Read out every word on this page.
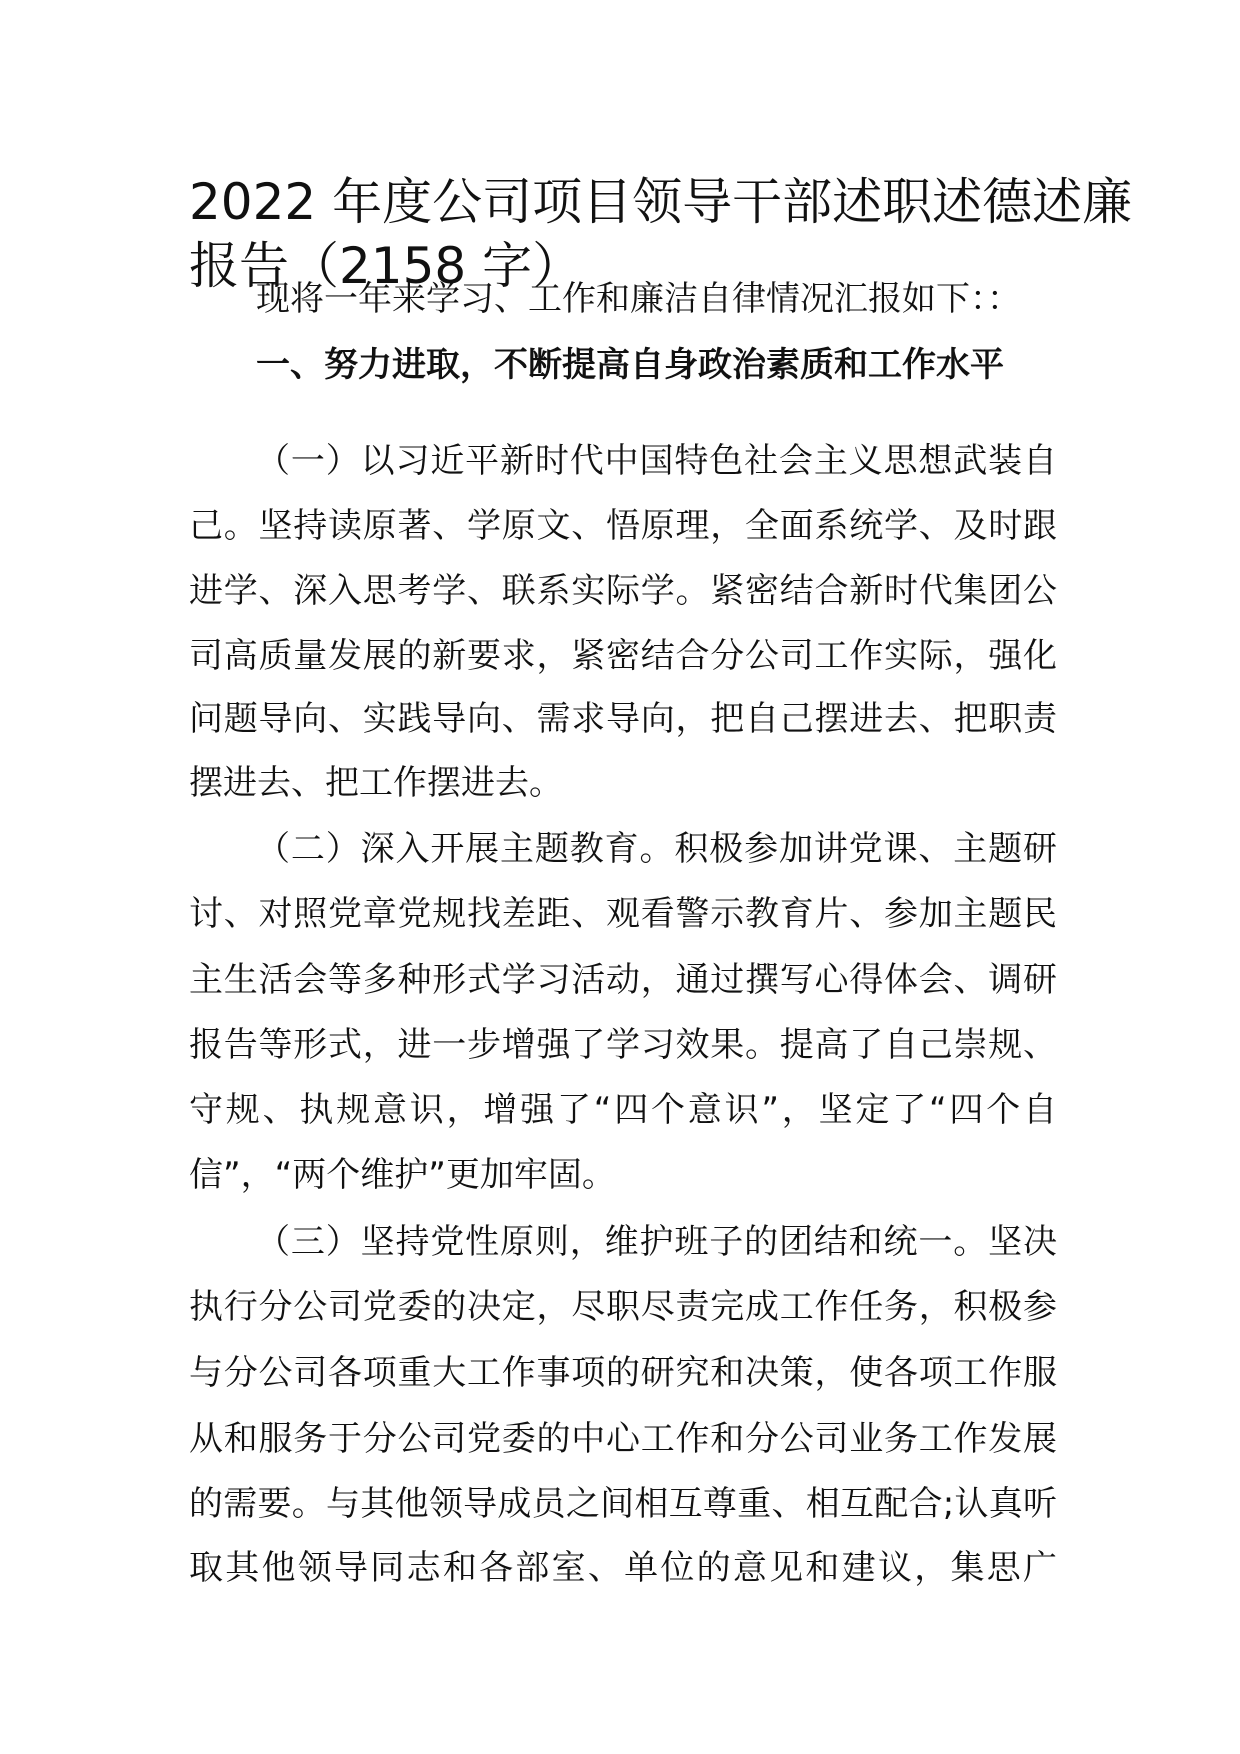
2022 年度公司项目领导干部述职述德述廉
报告（2158 字）
现将一年来学习、工作和廉洁自律情况汇报如下：：
一、努力进取，不断提高自身政治素质和工作水平
（一）以习近平新时代中国特色社会主义思想武装自
己。坚持读原著、学原文、悟原理，全面系统学、及时跟
进学、深入思考学、联系实际学。紧密结合新时代集团公
司高质量发展的新要求，紧密结合分公司工作实际，强化
问题导向、实践导向、需求导向，把自己摆进去、把职责
摆进去、把工作摆进去。
（二）深入开展主题教育。积极参加讲党课、主题研
讨、对照党章党规找差距、观看警示教育片、参加主题民
主生活会等多种形式学习活动，通过撰写心得体会、调研
报告等形式，进一步增强了学习效果。提高了自己崇规、
守规、执规意识，增强了“四个意识”，坚定了“四个自
信”，“两个维护”更加牢固。
（三）坚持党性原则，维护班子的团结和统一。坚决
执行分公司党委的决定，尽职尽责完成工作任务，积极参
与分公司各项重大工作事项的研究和决策，使各项工作服
从和服务于分公司党委的中心工作和分公司业务工作发展
的需要。与其他领导成员之间相互尊重、相互配合;认真听
取其他领导同志和各部室、单位的意见和建议，集思广
